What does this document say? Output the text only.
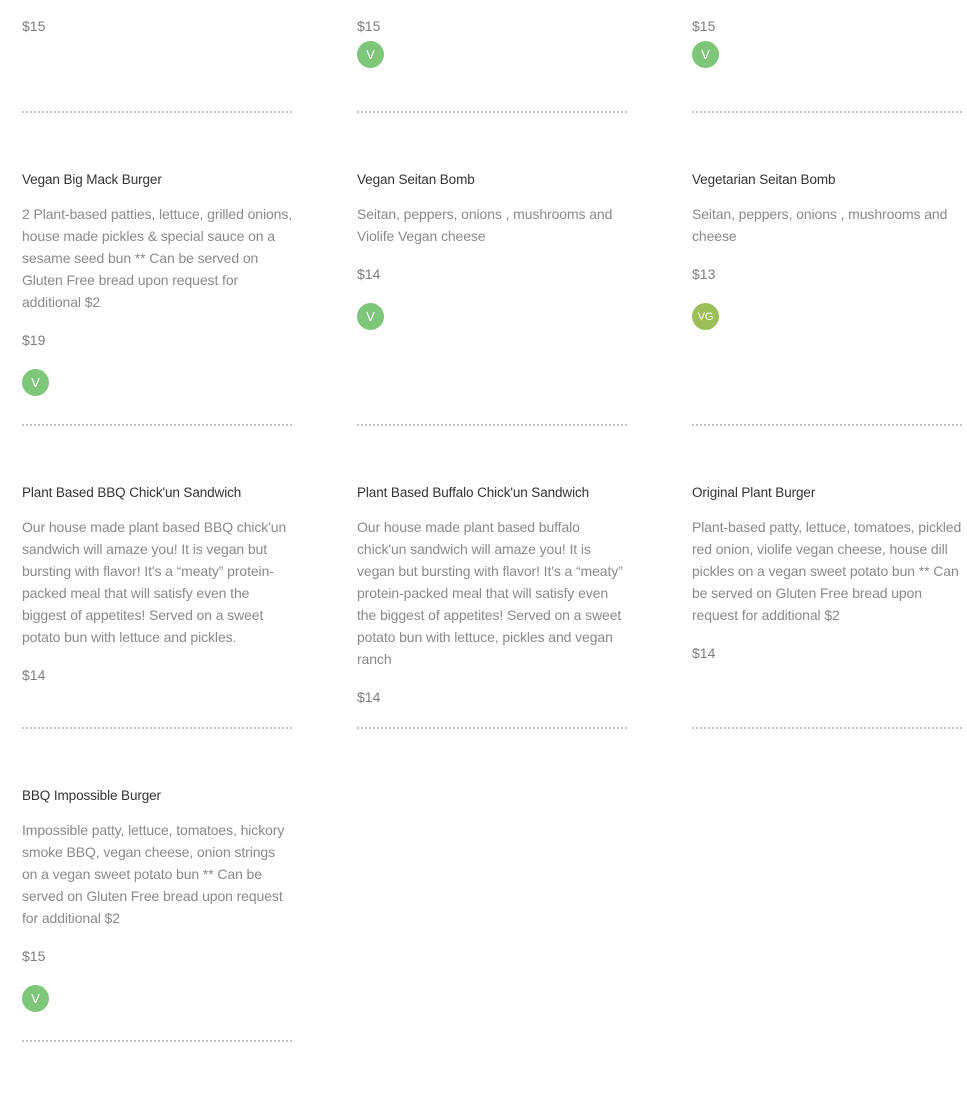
$15	$15	$15
V	V

Vegan Big Mack Burger

2 Plant-based patties, lettuce, grilled onions, house made pickles & special sauce on a sesame seed bun ** Can be served on Gluten Free bread upon request for additional $2

$19

V

Vegan Seitan Bomb

Seitan, peppers, onions , mushrooms and Violife Vegan cheese

$14

V

Vegetarian Seitan Bomb

Seitan, peppers, onions , mushrooms and cheese

$13

VG

Plant Based BBQ Chick'un Sandwich

Our house made plant based BBQ chick'un sandwich will amaze you! It is vegan but bursting with flavor! It's a “meaty” protein-packed meal that will satisfy even the biggest of appetites! Served on a sweet potato bun with lettuce and pickles.

$14

Plant Based Buffalo Chick'un Sandwich

Our house made plant based buffalo chick'un sandwich will amaze you! It is vegan but bursting with flavor! It's a “meaty” protein-packed meal that will satisfy even the biggest of appetites! Served on a sweet potato bun with lettuce, pickles and vegan ranch

$14

Original Plant Burger

Plant-based patty, lettuce, tomatoes, pickled red onion, violife vegan cheese, house dill pickles on a vegan sweet potato bun ** Can be served on Gluten Free bread upon request for additional $2

$14

BBQ Impossible Burger

Impossible patty, lettuce, tomatoes, hickory smoke BBQ, vegan cheese, onion strings on a vegan sweet potato bun ** Can be served on Gluten Free bread upon request for additional $2

$15

V
